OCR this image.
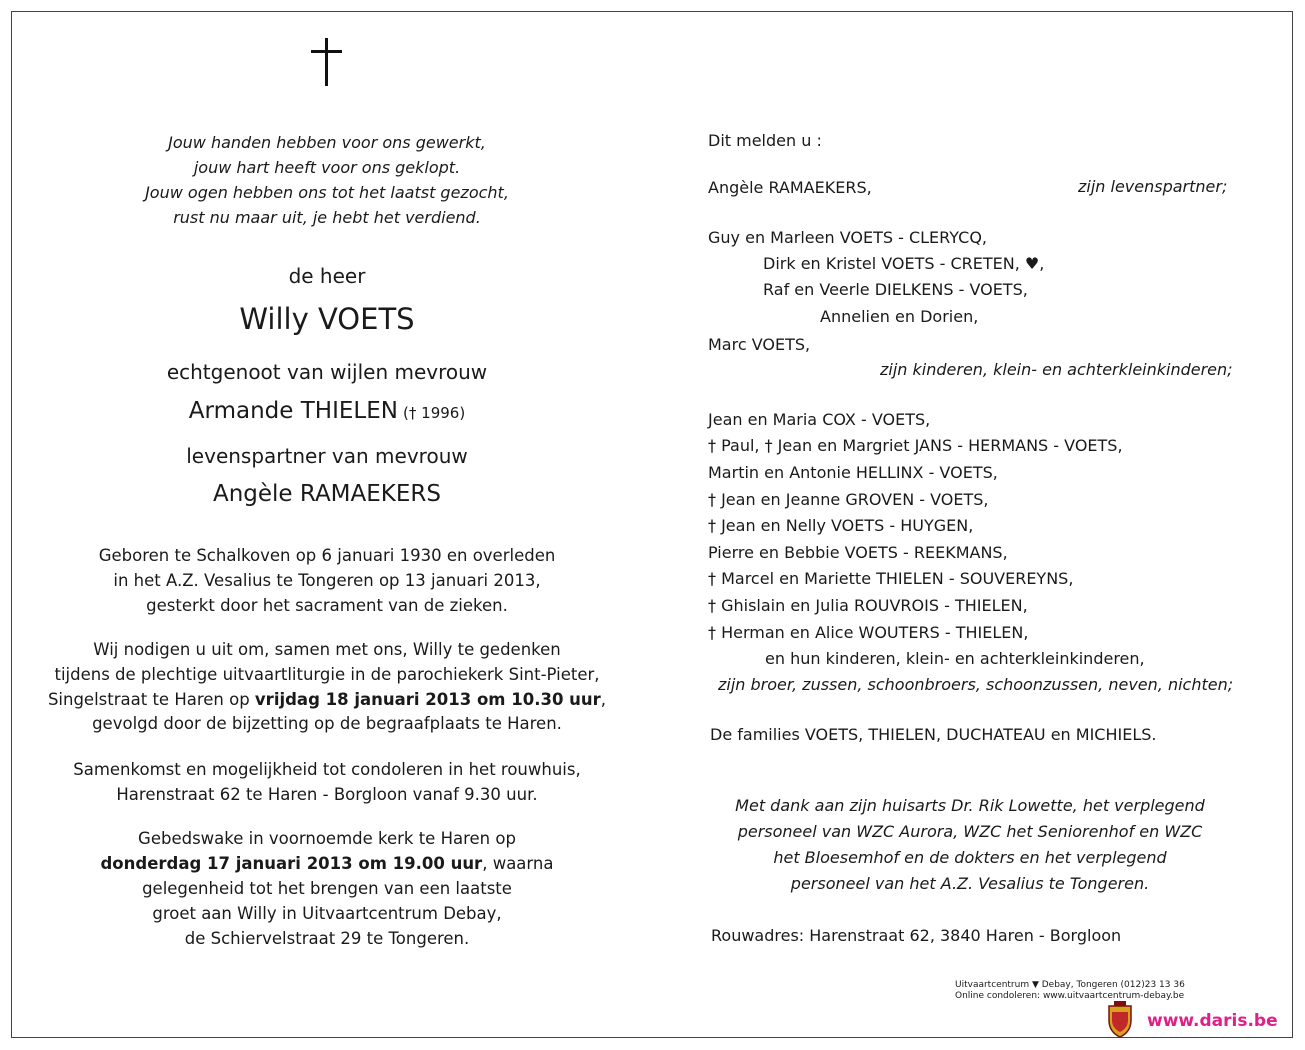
Jouw handen hebben voor ons gewerkt,
jouw hart heeft voor ons geklopt.
Jouw ogen hebben ons tot het laatst gezocht,
rust nu maar uit, je hebt het verdiend.
de heer
Willy VOETS
echtgenoot van wijlen mevrouw
Armande THIELEN († 1996)
levenspartner van mevrouw
Angèle RAMAEKERS
Geboren te Schalkoven op 6 januari 1930 en overleden
in het A.Z. Vesalius te Tongeren op 13 januari 2013,
gesterkt door het sacrament van de zieken.
Wij nodigen u uit om, samen met ons, Willy te gedenken
tijdens de plechtige uitvaartliturgie in de parochiekerk Sint-Pieter,
Singelstraat te Haren op vrijdag 18 januari 2013 om 10.30 uur,
gevolgd door de bijzetting op de begraafplaats te Haren.
Samenkomst en mogelijkheid tot condoleren in het rouwhuis,
Harenstraat 62 te Haren - Borgloon vanaf 9.30 uur.
Gebedswake in voornoemde kerk te Haren op
donderdag 17 januari 2013 om 19.00 uur, waarna
gelegenheid tot het brengen van een laatste
groet aan Willy in Uitvaartcentrum Debay,
de Schiervelstraat 29 te Tongeren.
Dit melden u :
Angèle RAMAEKERS,	zijn levenspartner;
Guy en Marleen VOETS - CLERYCQ,
Dirk en Kristel VOETS - CRETEN, ♥,
Raf en Veerle DIELKENS - VOETS,
Annelien en Dorien,
Marc VOETS,
zijn kinderen, klein- en achterkleinkinderen;
Jean en Maria COX - VOETS,
† Paul, † Jean en Margriet JANS - HERMANS - VOETS,
Martin en Antonie HELLINX - VOETS,
† Jean en Jeanne GROVEN - VOETS,
† Jean en Nelly VOETS - HUYGEN,
Pierre en Bebbie VOETS - REEKMANS,
† Marcel en Mariette THIELEN - SOUVEREYNS,
† Ghislain en Julia ROUVROIS - THIELEN,
† Herman en Alice WOUTERS - THIELEN,
en hun kinderen, klein- en achterkleinkinderen,
zijn broer, zussen, schoonbroers, schoonzussen, neven, nichten;
De families VOETS, THIELEN, DUCHATEAU en MICHIELS.
Met dank aan zijn huisarts Dr. Rik Lowette, het verplegend
personeel van WZC Aurora, WZC het Seniorenhof en WZC
het Bloesemhof en de dokters en het verplegend
personeel van het A.Z. Vesalius te Tongeren.
Rouwadres: Harenstraat 62, 3840 Haren - Borgloon
Uitvaartcentrum ▼ Debay, Tongeren (012)23 13 36
Online condoleren: www.uitvaartcentrum-debay.be
www.daris.be
